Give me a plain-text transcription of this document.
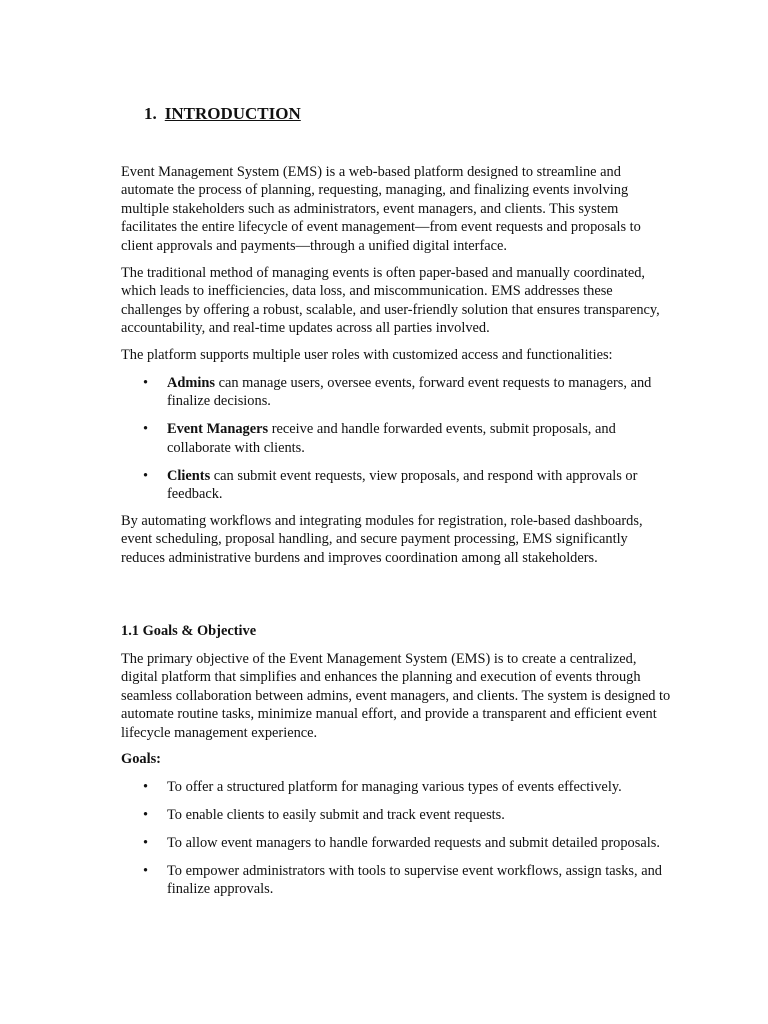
1. INTRODUCTION

Event Management System (EMS) is a web-based platform designed to streamline and automate the process of planning, requesting, managing, and finalizing events involving multiple stakeholders such as administrators, event managers, and clients. This system facilitates the entire lifecycle of event management—from event requests and proposals to client approvals and payments—through a unified digital interface.

The traditional method of managing events is often paper-based and manually coordinated, which leads to inefficiencies, data loss, and miscommunication. EMS addresses these challenges by offering a robust, scalable, and user-friendly solution that ensures transparency, accountability, and real-time updates across all parties involved.

The platform supports multiple user roles with customized access and functionalities:

• Admins can manage users, oversee events, forward event requests to managers, and finalize decisions.
• Event Managers receive and handle forwarded events, submit proposals, and collaborate with clients.
• Clients can submit event requests, view proposals, and respond with approvals or feedback.

By automating workflows and integrating modules for registration, role-based dashboards, event scheduling, proposal handling, and secure payment processing, EMS significantly reduces administrative burdens and improves coordination among all stakeholders.

1.1 Goals & Objective

The primary objective of the Event Management System (EMS) is to create a centralized, digital platform that simplifies and enhances the planning and execution of events through seamless collaboration between admins, event managers, and clients. The system is designed to automate routine tasks, minimize manual effort, and provide a transparent and efficient event lifecycle management experience.

Goals:

• To offer a structured platform for managing various types of events effectively.
• To enable clients to easily submit and track event requests.
• To allow event managers to handle forwarded requests and submit detailed proposals.
• To empower administrators with tools to supervise event workflows, assign tasks, and finalize approvals.
